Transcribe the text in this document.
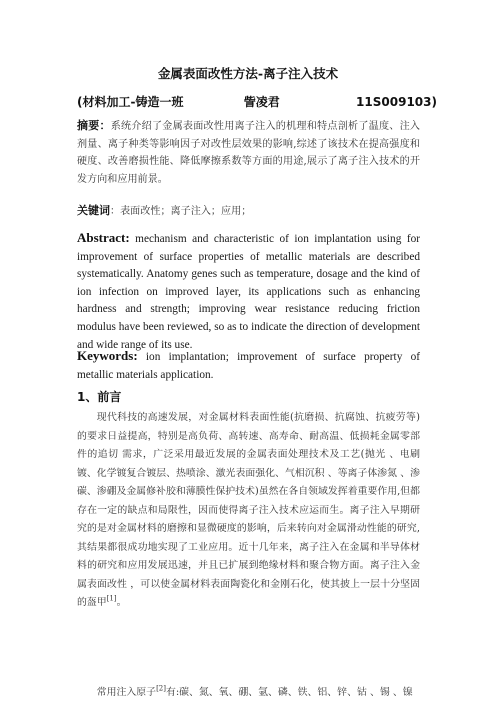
金属表面改性方法-离子注入技术
(材料加工-铸造一班	訾凌君	11S009103)
摘要：系统介绍了金属表面改性用离子注入的机理和特点剖析了温度、注入剂量、离子种类等影响因子对改性层效果的影响,综述了该技术在提高强度和硬度、改善磨损性能、降低摩擦系数等方面的用途,展示了离子注入技术的开发方向和应用前景。
关键词：表面改性；离子注入；应用；
Abstract: mechanism and characteristic of ion implantation using for improvement of surface properties of metallic materials are described systematically. Anatomy genes such as temperature, dosage and the kind of ion infection on improved layer, its applications such as enhancing hardness and strength; improving wear resistance reducing friction modulus have been reviewed, so as to indicate the direction of development and wide range of its use.
Keywords: ion implantation; improvement of surface property of metallic materials application.
1、前言
现代科技的高速发展，对金属材料表面性能(抗磨损、抗腐蚀、抗疲劳等)的要求日益提高，特别是高负荷、高转速、高寿命、耐高温、低损耗金属零部件的追切 需求，广泛采用最近发展的金属表面处理技术及工艺(抛光 、电刷镀、化学镀复合镀层、热喷涂、激光表面强化、气相沉积 、等离子体渗氮 、渗碳、渗硼及金属修补胶和薄膜性保护技术)虽然在各自领域发挥着重要作用,但都存在一定的缺点和局限性，因而使得离子注入技术应运而生。离子注入早期研究的是对金属材料的磨擦和显微硬度的影响，后来转向对金属滑动性能的研究,其结果都很成功地实现了工业应用。近十几年来，离子注入在金属和半导体材料的研究和应用发展迅速，并且已扩展到绝缘材料和聚合物方面。离子注入金属表面改性 ，可以使金属材料表面陶瓷化和金刚石化，使其披上一层十分坚固的盔甲[1]。
常用注入原子[2]有:碳、氮、氧、硼、氩、磷、铁、铝、锌、钴 、锡 、镍
